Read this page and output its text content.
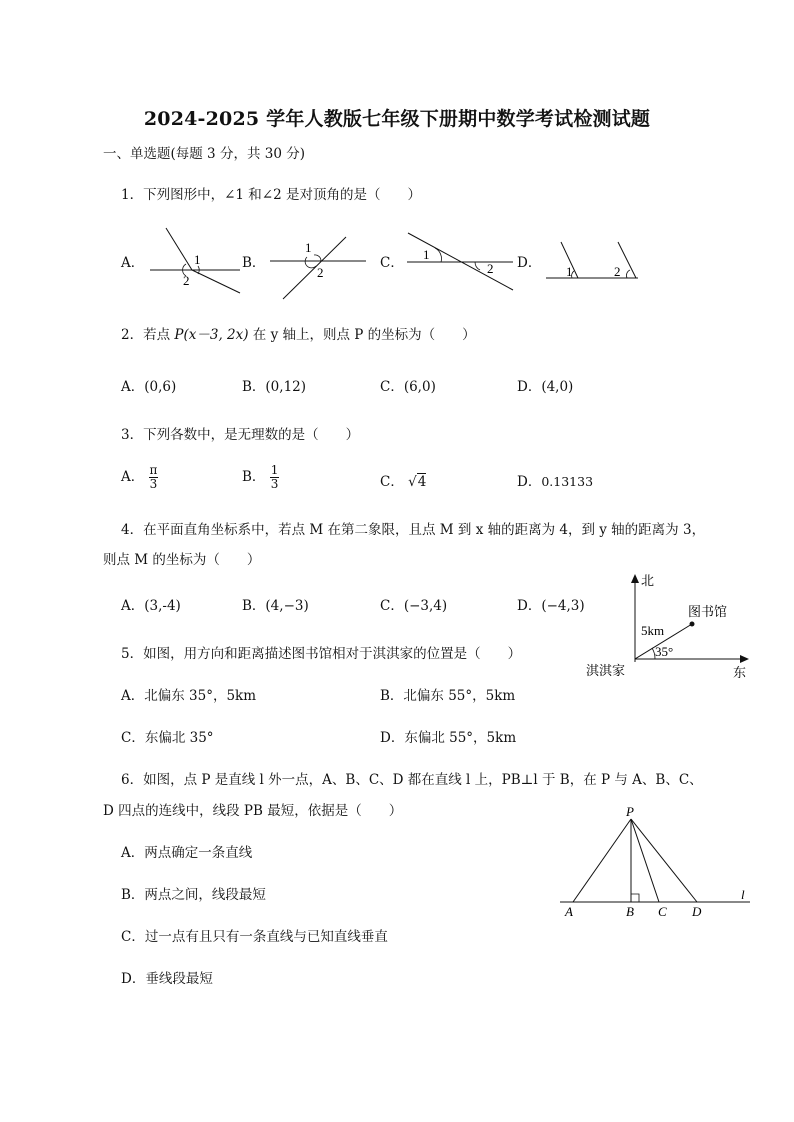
2024-2025 学年人教版七年级下册期中数学考试检测试题
一、单选题(每题 3 分，共 30 分)
1．下列图形中，∠1 和∠2 是对顶角的是（　　）
A．	B．	C．	D．
1
2
1
2
1
2	1	2
2．若点 P(x－3, 2x) 在 y 轴上，则点 P 的坐标为（　　）
A．(0,6)	B．(0,12)	C．(6,0)	D．(4,0)
3．下列各数中，是无理数的是（　　）
A． $\frac{\pi}{3}$	B． $\frac{1}{3}$	C． √4	D．0.13133
4．在平面直角坐标系中，若点 M 在第二象限，且点 M 到 x 轴的距离为 4，到 y 轴的距离为 3，
则点 M 的坐标为（　　）
A．(3,-4)	B．(4,−3)	C．(−3,4)	D．(−4,3)
5．如图，用方向和距离描述图书馆相对于淇淇家的位置是（　　）
A．北偏东 35°，5km	B．北偏东 55°，5km
C．东偏北 35°	D．东偏北 55°，5km
北
东
淇淇家
图书馆
5km
35°
6．如图，点 P 是直线 l 外一点，A、B、C、D 都在直线 l 上，PB⊥l 于 B，在 P 与 A、B、C、
D 四点的连线中，线段 PB 最短，依据是（　　）
A．两点确定一条直线
B．两点之间，线段最短
C．过一点有且只有一条直线与已知直线垂直
D．垂线段最短
P
A	B C D
l
